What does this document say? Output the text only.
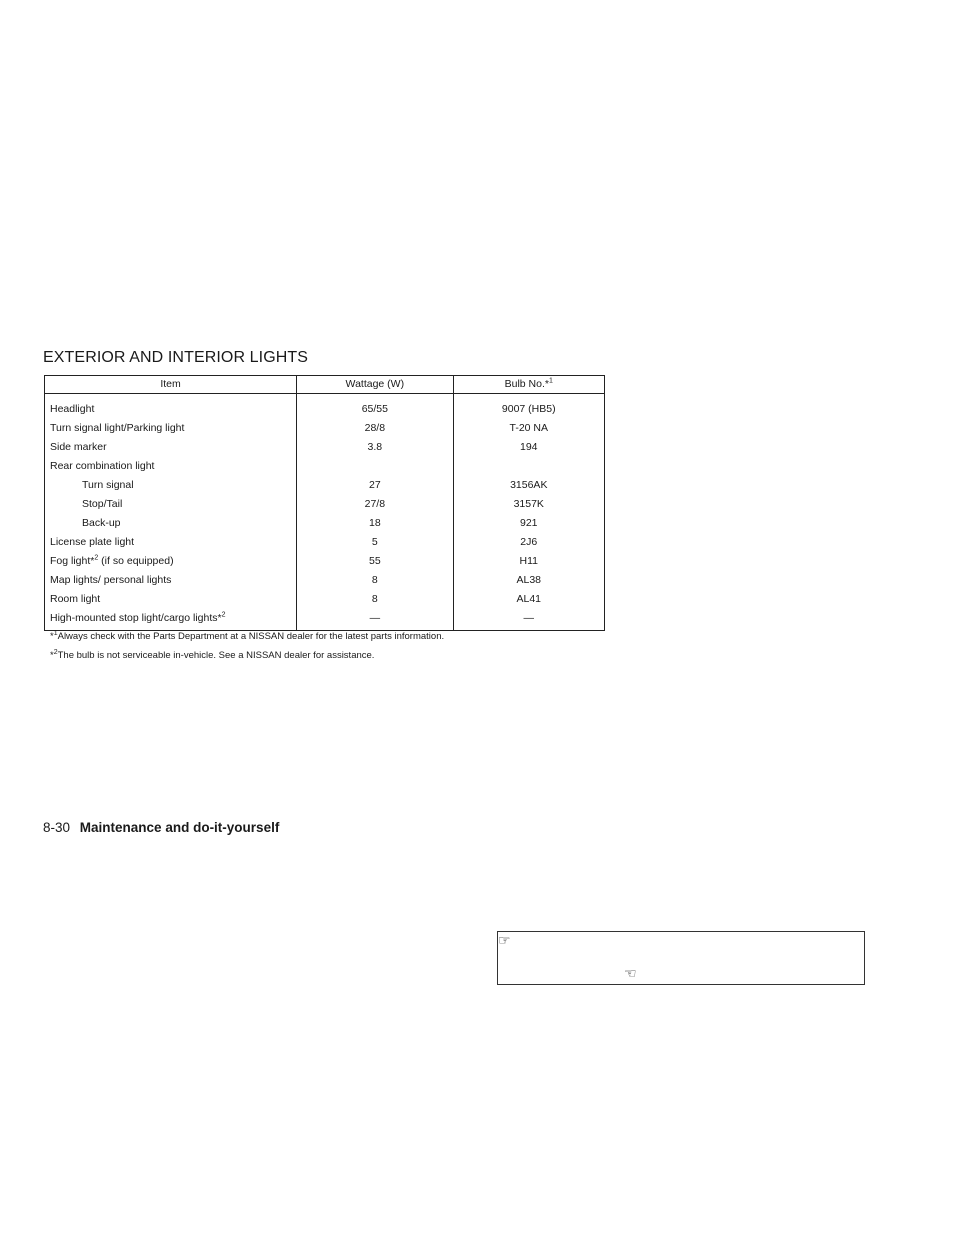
EXTERIOR AND INTERIOR LIGHTS
Item	Wattage (W)	Bulb No.*$^1$
Headlight	65/55	9007 (HB5)
Turn signal light/Parking light	28/8	T-20 NA
Side marker	3.8	194
Rear combination light		
Turn signal	27	3156AK
Stop/Tail	27/8	3157K
Back-up	18	921
License plate light	5	2J6
Fog light*$^2$ (if so equipped)	55	H11
Map lights/ personal lights	8	AL38
Room light	8	AL41
High-mounted stop light/cargo lights*$^2$	—	—

*$^1$Always check with the Parts Department at a NISSAN dealer for the latest parts information.

*$^2$The bulb is not serviceable in-vehicle. See a NISSAN dealer for assistance.

8-30 Maintenance and do-it-yourself
☞
☜
